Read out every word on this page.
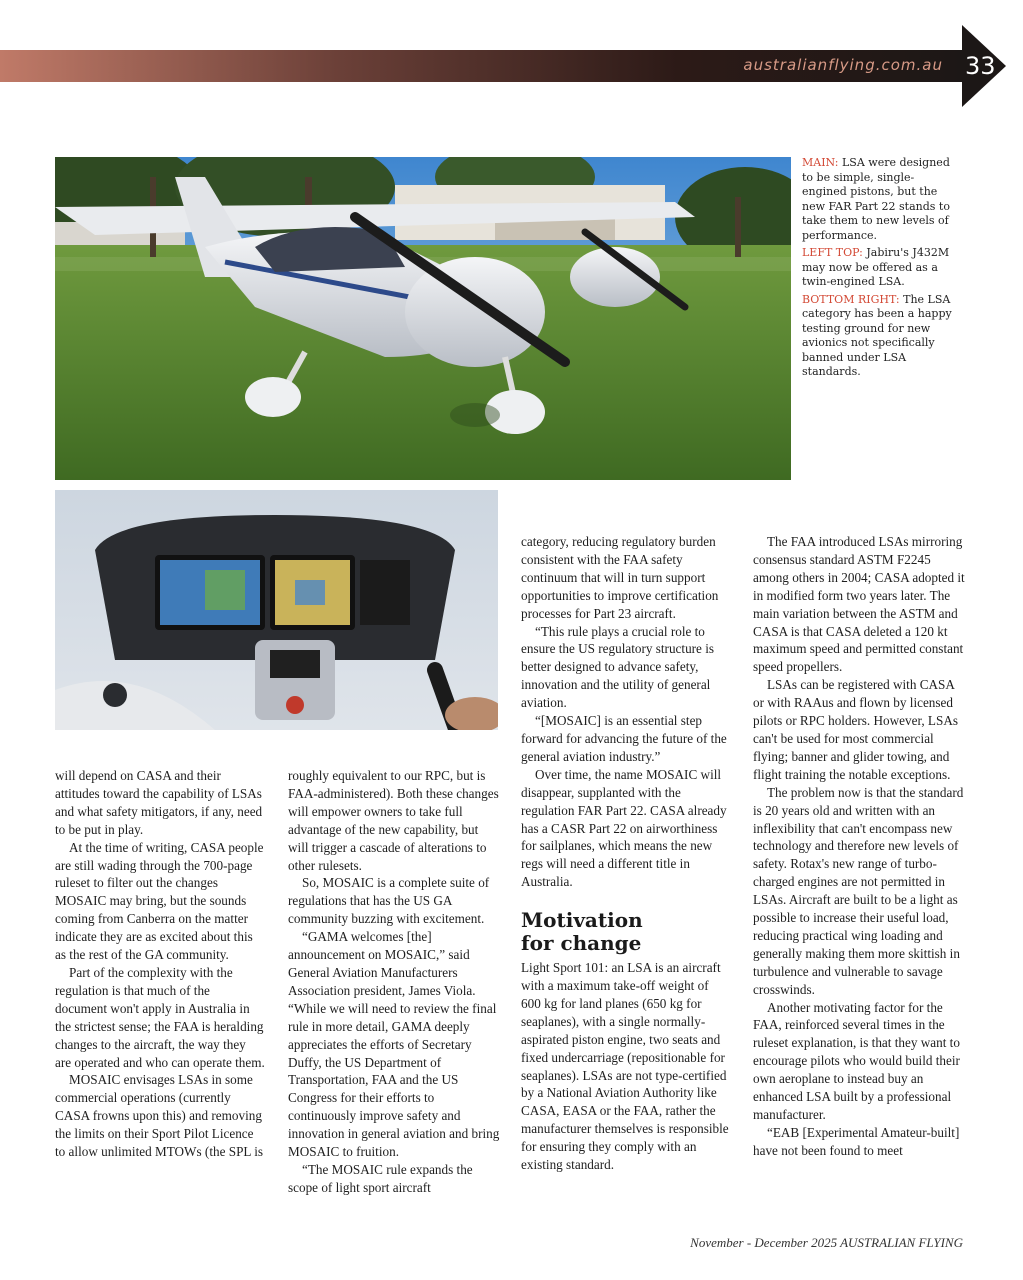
australianflying.com.au 33

MAIN: LSA were designed to be simple, single-engined pistons, but the new FAR Part 22 stands to take them to new levels of performance.

LEFT TOP: Jabiru's J432M may now be offered as a twin-engined LSA.

BOTTOM RIGHT: The LSA category has been a happy testing ground for new avionics not specifically banned under LSA standards.

will depend on CASA and their attitudes toward the capability of LSAs and what safety mitigators, if any, need to be put in play.

At the time of writing, CASA people are still wading through the 700-page ruleset to filter out the changes MOSAIC may bring, but the sounds coming from Canberra on the matter indicate they are as excited about this as the rest of the GA community.

Part of the complexity with the regulation is that much of the document won't apply in Australia in the strictest sense; the FAA is heralding changes to the aircraft, the way they are operated and who can operate them.

MOSAIC envisages LSAs in some commercial operations (currently CASA frowns upon this) and removing the limits on their Sport Pilot Licence to allow unlimited MTOWs (the SPL is

roughly equivalent to our RPC, but is FAA-administered). Both these changes will empower owners to take full advantage of the new capability, but will trigger a cascade of alterations to other rulesets.

So, MOSAIC is a complete suite of regulations that has the US GA community buzzing with excitement.

“GAMA welcomes [the] announcement on MOSAIC,” said General Aviation Manufacturers Association president, James Viola. “While we will need to review the final rule in more detail, GAMA deeply appreciates the efforts of Secretary Duffy, the US Department of Transportation, FAA and the US Congress for their efforts to continuously improve safety and innovation in general aviation and bring MOSAIC to fruition.

“The MOSAIC rule expands the scope of light sport aircraft

category, reducing regulatory burden consistent with the FAA safety continuum that will in turn support opportunities to improve certification processes for Part 23 aircraft.

“This rule plays a crucial role to ensure the US regulatory structure is better designed to advance safety, innovation and the utility of general aviation.

“[MOSAIC] is an essential step forward for advancing the future of the general aviation industry.”

Over time, the name MOSAIC will disappear, supplanted with the regulation FAR Part 22. CASA already has a CASR Part 22 on airworthiness for sailplanes, which means the new regs will need a different title in Australia.

Motivation for change

Light Sport 101: an LSA is an aircraft with a maximum take-off weight of 600 kg for land planes (650 kg for seaplanes), with a single normally-aspirated piston engine, two seats and fixed undercarriage (repositionable for seaplanes). LSAs are not type-certified by a National Aviation Authority like CASA, EASA or the FAA, rather the manufacturer themselves is responsible for ensuring they comply with an existing standard.

The FAA introduced LSAs mirroring consensus standard ASTM F2245 among others in 2004; CASA adopted it in modified form two years later. The main variation between the ASTM and CASA is that CASA deleted a 120 kt maximum speed and permitted constant speed propellers.

LSAs can be registered with CASA or with RAAus and flown by licensed pilots or RPC holders. However, LSAs can't be used for most commercial flying; banner and glider towing, and flight training the notable exceptions.

The problem now is that the standard is 20 years old and written with an inflexibility that can't encompass new technology and therefore new levels of safety. Rotax's new range of turbo-charged engines are not permitted in LSAs. Aircraft are built to be a light as possible to increase their useful load, reducing practical wing loading and generally making them more skittish in turbulence and vulnerable to savage crosswinds.

Another motivating factor for the FAA, reinforced several times in the ruleset explanation, is that they want to encourage pilots who would build their own aeroplane to instead buy an enhanced LSA built by a professional manufacturer.

“EAB [Experimental Amateur-built] have not been found to meet

November - December 2025 AUSTRALIAN FLYING
